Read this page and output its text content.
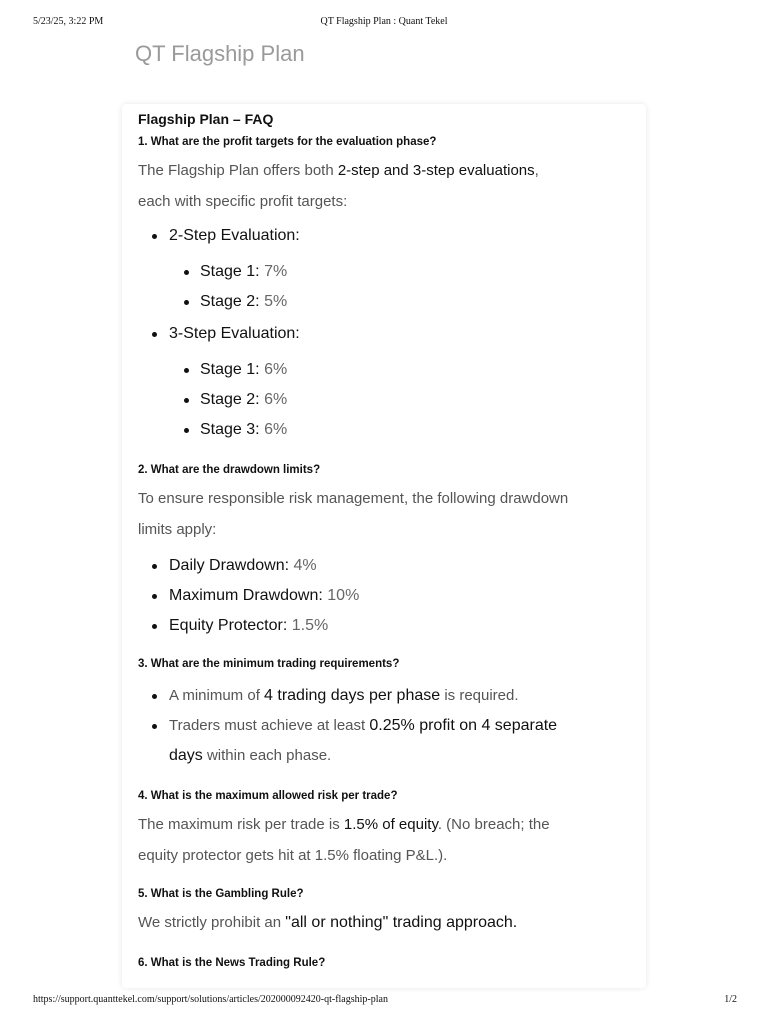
5/23/25, 3:22 PM	QT Flagship Plan : Quant Tekel
QT Flagship Plan

Flagship Plan – FAQ

1. What are the profit targets for the evaluation phase?

The Flagship Plan offers both 2-step and 3-step evaluations,
each with specific profit targets:

2-Step Evaluation:
Stage 1: 7%
Stage 2: 5%
3-Step Evaluation:
Stage 1: 6%
Stage 2: 6%
Stage 3: 6%

2. What are the drawdown limits?

To ensure responsible risk management, the following drawdown
limits apply:

Daily Drawdown: 4%
Maximum Drawdown: 10%
Equity Protector: 1.5%

3. What are the minimum trading requirements?

A minimum of 4 trading days per phase is required.
Traders must achieve at least 0.25% profit on 4 separate
days within each phase.

4. What is the maximum allowed risk per trade?

The maximum risk per trade is 1.5% of equity. (No breach; the
equity protector gets hit at 1.5% floating P&L.).

5. What is the Gambling Rule?

We strictly prohibit an "all or nothing" trading approach.

6. What is the News Trading Rule?

https://support.quanttekel.com/support/solutions/articles/202000092420-qt-flagship-plan	1/2
